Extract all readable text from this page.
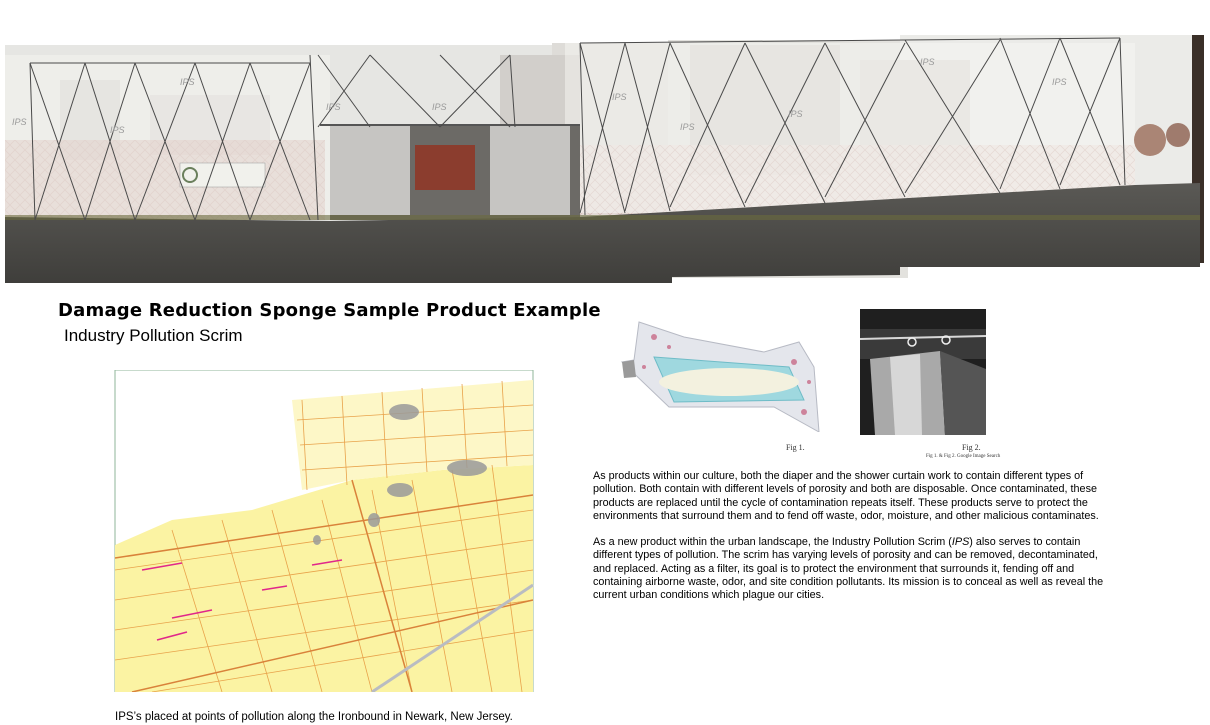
IPS
IPS
IPS	IPS
IPS
IPS
IPS
IPS
IPS	IPS
Damage Reduction Sponge Sample Product Example
Industry Pollution Scrim
IPS’s placed at points of pollution along the Ironbound in Newark, New Jersey.
Fig 1.	Fig 2.
Fig 1. & Fig 2. Google Image Search

As products within our culture, both the diaper and the shower curtain work to contain different types of pollution. Both contain with different levels of porosity and both are disposable. Once contaminated, these products are replaced until the cycle of contamination repeats itself. These products serve to protect the environments that surround them and to fend off waste, odor, moisture, and other malicious contaminates.

As a new product within the urban landscape, the Industry Pollution Scrim (IPS) also serves to contain different types of pollution. The scrim has varying levels of porosity and can be removed, decontaminated, and replaced. Acting as a filter, its goal is to protect the environment that surrounds it, fending off and containing airborne waste, odor, and site condition pollutants. Its mission is to conceal as well as reveal the current urban conditions which plague our cities.
